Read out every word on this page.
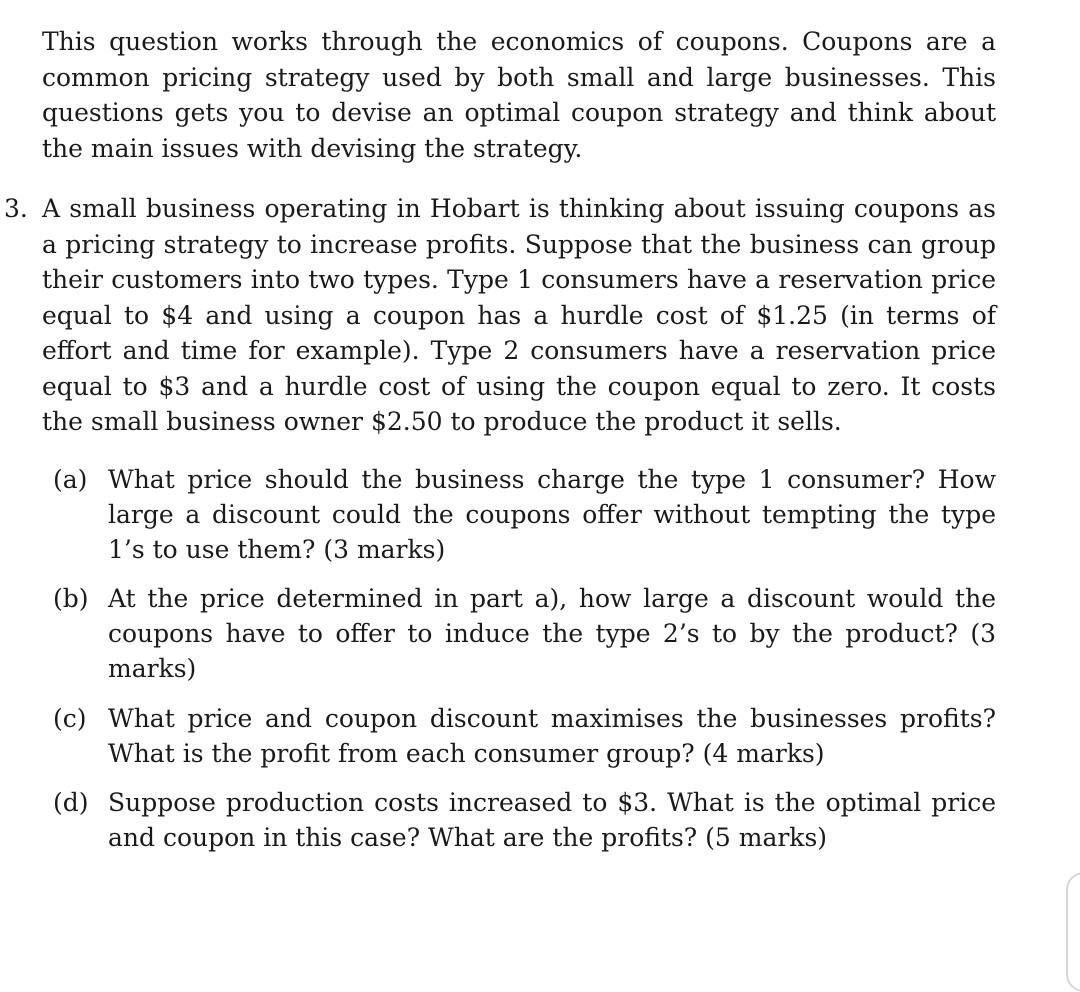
This question works through the economics of coupons. Coupons are a common pricing strategy used by both small and large businesses. This questions gets you to devise an optimal coupon strategy and think about the main issues with devising the strategy.

3. A small business operating in Hobart is thinking about issuing coupons as a pricing strategy to increase profits. Suppose that the business can group their customers into two types. Type 1 consumers have a reservation price equal to $4 and using a coupon has a hurdle cost of $1.25 (in terms of effort and time for example). Type 2 consumers have a reservation price equal to $3 and a hurdle cost of using the coupon equal to zero. It costs the small business owner $2.50 to produce the product it sells.

(a) What price should the business charge the type 1 consumer? How large a discount could the coupons offer without tempting the type 1’s to use them? (3 marks)

(b) At the price determined in part a), how large a discount would the coupons have to offer to induce the type 2’s to by the product? (3 marks)

(c) What price and coupon discount maximises the businesses profits? What is the profit from each consumer group? (4 marks)

(d) Suppose production costs increased to $3. What is the optimal price and coupon in this case? What are the profits? (5 marks)
